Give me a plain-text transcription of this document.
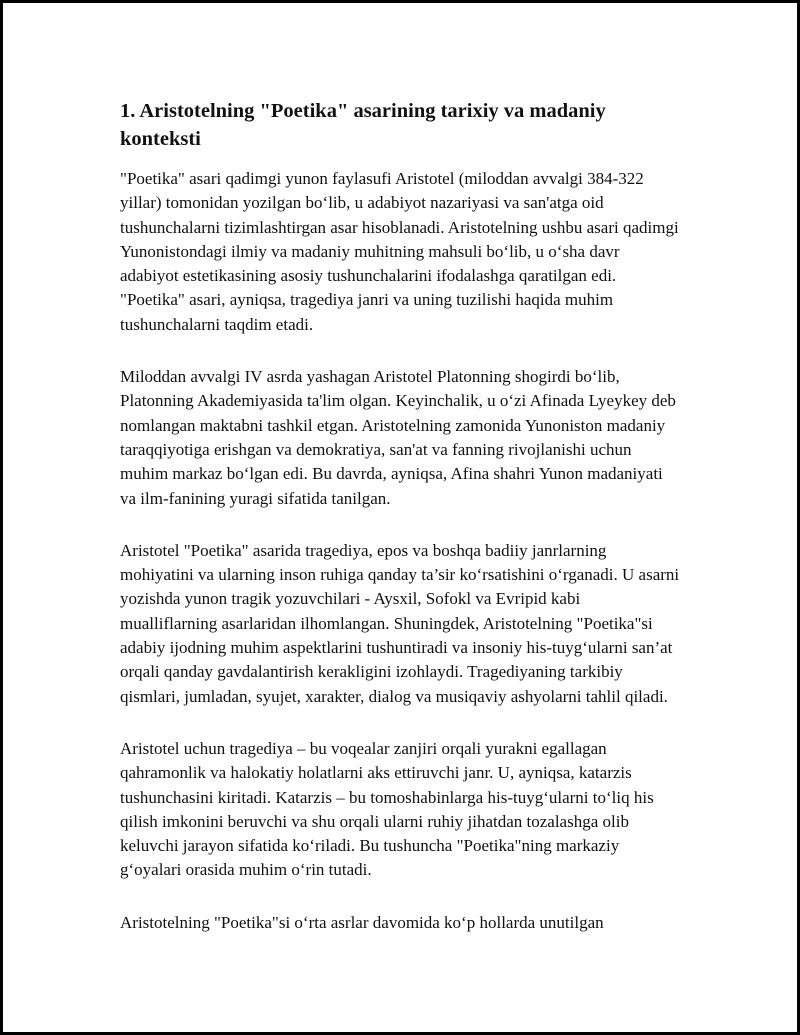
1. Aristotelning "Poetika" asarining tarixiy va madaniy konteksti

"Poetika" asari qadimgi yunon faylasufi Aristotel (miloddan avvalgi 384-322 yillar) tomonidan yozilgan bo‘lib, u adabiyot nazariyasi va san'atga oid tushunchalarni tizimlashtirgan asar hisoblanadi. Aristotelning ushbu asari qadimgi Yunonistondagi ilmiy va madaniy muhitning mahsuli bo‘lib, u o‘sha davr adabiyot estetikasining asosiy tushunchalarini ifodalashga qaratilgan edi. "Poetika" asari, ayniqsa, tragediya janri va uning tuzilishi haqida muhim tushunchalarni taqdim etadi.

Miloddan avvalgi IV asrda yashagan Aristotel Platonning shogirdi bo‘lib, Platonning Akademiyasida ta'lim olgan. Keyinchalik, u o‘zi Afinada Lyeykey deb nomlangan maktabni tashkil etgan. Aristotelning zamonida Yunoniston madaniy taraqqiyotiga erishgan va demokratiya, san'at va fanning rivojlanishi uchun muhim markaz bo‘lgan edi. Bu davrda, ayniqsa, Afina shahri Yunon madaniyati va ilm-fanining yuragi sifatida tanilgan.

Aristotel "Poetika" asarida tragediya, epos va boshqa badiiy janrlarning mohiyatini va ularning inson ruhiga qanday ta’sir ko‘rsatishini o‘rganadi. U asarni yozishda yunon tragik yozuvchilari - Aysxil, Sofokl va Evripid kabi mualliflarning asarlaridan ilhomlangan. Shuningdek, Aristotelning "Poetika"si adabiy ijodning muhim aspektlarini tushuntiradi va insoniy his-tuyg‘ularni san’at orqali qanday gavdalantirish kerakligini izohlaydi. Tragediyaning tarkibiy qismlari, jumladan, syujet, xarakter, dialog va musiqaviy ashyolarni tahlil qiladi.

Aristotel uchun tragediya – bu voqealar zanjiri orqali yurakni egallagan qahramonlik va halokatiy holatlarni aks ettiruvchi janr. U, ayniqsa, katarzis tushunchasini kiritadi. Katarzis – bu tomoshabinlarga his-tuyg‘ularni to‘liq his qilish imkonini beruvchi va shu orqali ularni ruhiy jihatdan tozalashga olib keluvchi jarayon sifatida ko‘riladi. Bu tushuncha "Poetika"ning markaziy g‘oyalari orasida muhim o‘rin tutadi.

Aristotelning "Poetika"si o‘rta asrlar davomida ko‘p hollarda unutilgan
